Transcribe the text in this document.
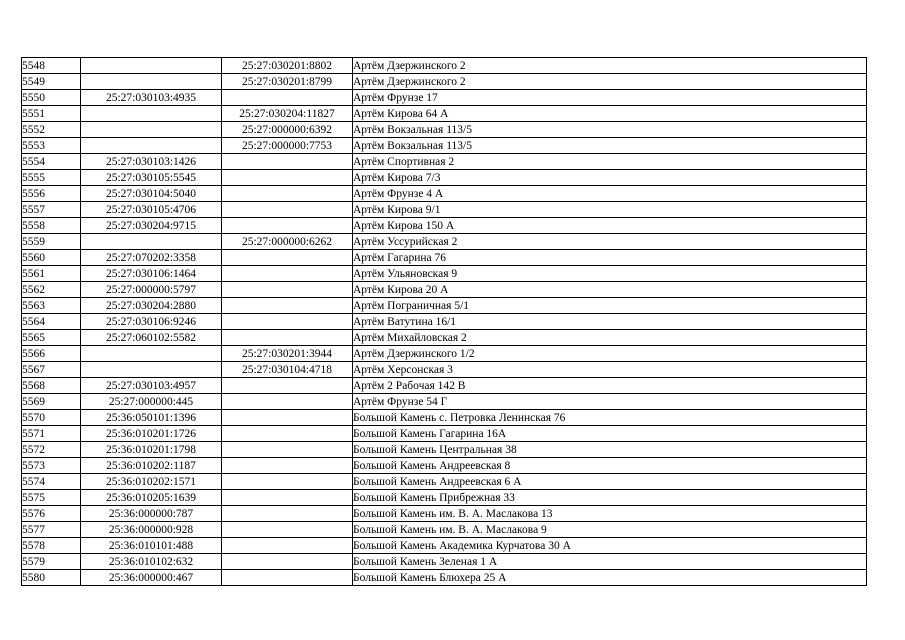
5548		25:27:030201:8802	Артём Дзержинского 2
5549		25:27:030201:8799	Артём Дзержинского 2
5550	25:27:030103:4935		Артём Фрунзе 17
5551		25:27:030204:11827	Артём Кирова 64 А
5552		25:27:000000:6392	Артём Вокзальная 113/5
5553		25:27:000000:7753	Артём Вокзальная 113/5
5554	25:27:030103:1426		Артём Спортивная 2
5555	25:27:030105:5545		Артём Кирова 7/3
5556	25:27:030104:5040		Артём Фрунзе 4 А
5557	25:27:030105:4706		Артём Кирова 9/1
5558	25:27:030204:9715		Артём Кирова 150 А
5559		25:27:000000:6262	Артём Уссурийская 2
5560	25:27:070202:3358		Артём Гагарина 76
5561	25:27:030106:1464		Артём Ульяновская 9
5562	25:27:000000:5797		Артём Кирова 20 А
5563	25:27:030204:2880		Артём Пограничная 5/1
5564	25:27:030106:9246		Артём Ватутина 16/1
5565	25:27:060102:5582		Артём Михайловская 2
5566		25:27:030201:3944	Артём Дзержинского 1/2
5567		25:27:030104:4718	Артём Херсонская 3
5568	25:27:030103:4957		Артём 2 Рабочая 142 В
5569	25:27:000000:445		Артём Фрунзе 54 Г
5570	25:36:050101:1396		Большой Камень с. Петровка Ленинская 76
5571	25:36:010201:1726		Большой Камень Гагарина 16А
5572	25:36:010201:1798		Большой Камень Центральная 38
5573	25:36:010202:1187		Большой Камень Андреевская 8
5574	25:36:010202:1571		Большой Камень Андреевская 6 А
5575	25:36:010205:1639		Большой Камень Прибрежная 33
5576	25:36:000000:787		Большой Камень им. В. А. Маслакова 13
5577	25:36:000000:928		Большой Камень им. В. А. Маслакова 9
5578	25:36:010101:488		Большой Камень Академика Курчатова 30 А
5579	25:36:010102:632		Большой Камень Зеленая 1 А
5580	25:36:000000:467		Большой Камень Блюхера 25 А
